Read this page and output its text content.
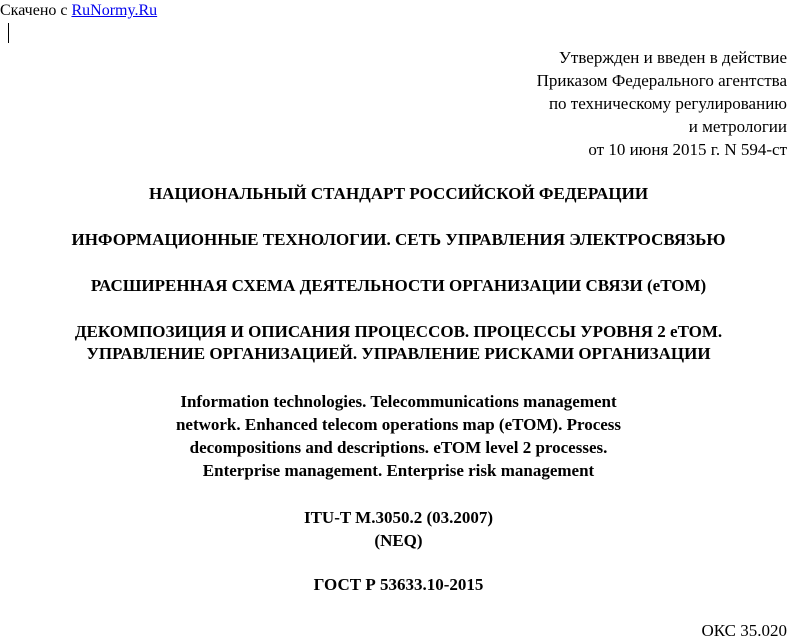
Скачено с RuNormy.Ru
Утвержден и введен в действие
Приказом Федерального агентства
по техническому регулированию
и метрологии
от 10 июня 2015 г. N 594-ст
НАЦИОНАЛЬНЫЙ СТАНДАРТ РОССИЙСКОЙ ФЕДЕРАЦИИ
ИНФОРМАЦИОННЫЕ ТЕХНОЛОГИИ. СЕТЬ УПРАВЛЕНИЯ ЭЛЕКТРОСВЯЗЬЮ
РАСШИРЕННАЯ СХЕМА ДЕЯТЕЛЬНОСТИ ОРГАНИЗАЦИИ СВЯЗИ (eTOM)
ДЕКОМПОЗИЦИЯ И ОПИСАНИЯ ПРОЦЕССОВ. ПРОЦЕССЫ УРОВНЯ 2 eTOM.
УПРАВЛЕНИЕ ОРГАНИЗАЦИЕЙ. УПРАВЛЕНИЕ РИСКАМИ ОРГАНИЗАЦИИ
Information technologies. Telecommunications management
network. Enhanced telecom operations map (eTOM). Process
decompositions and descriptions. eTOM level 2 processes.
Enterprise management. Enterprise risk management
ITU-T M.3050.2 (03.2007)
(NEQ)
ГОСТ Р 53633.10-2015
ОКС 35.020
